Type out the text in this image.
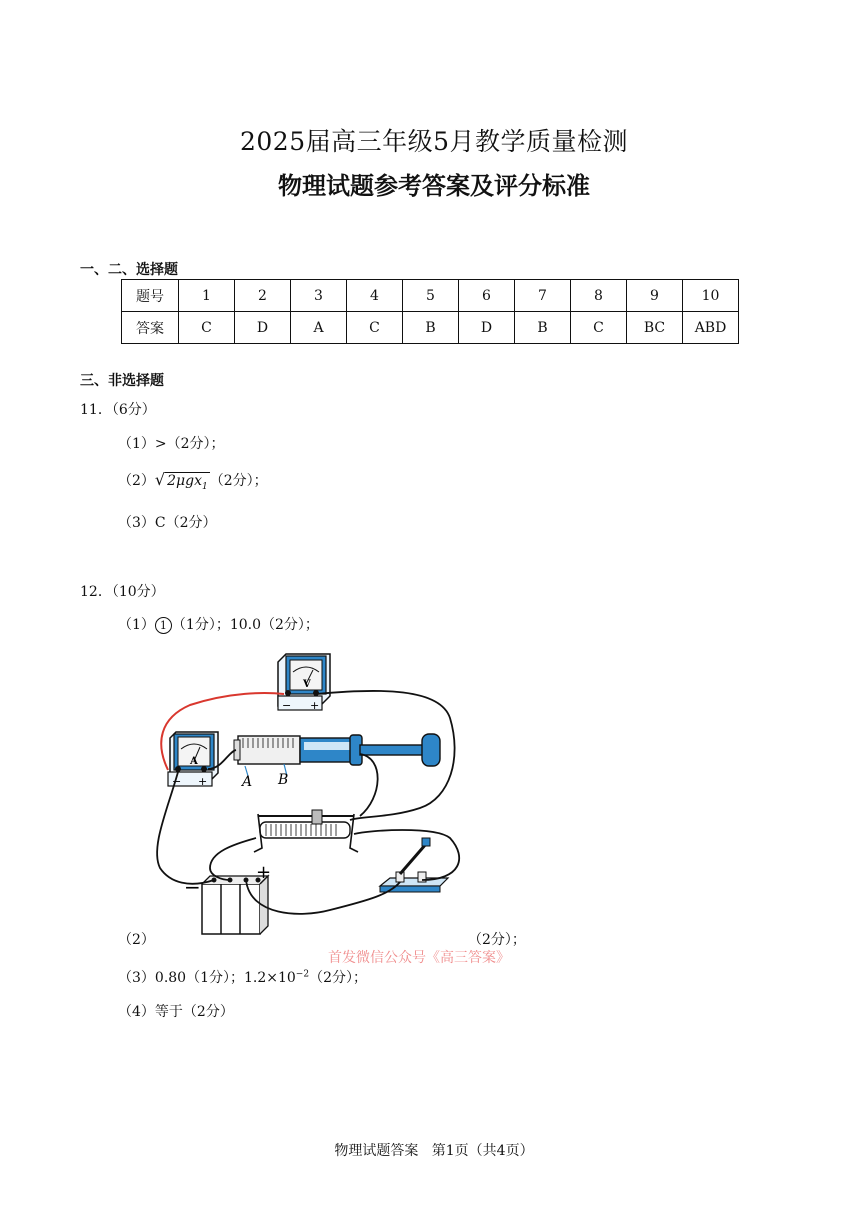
2025届高三年级5月教学质量检测
物理试题参考答案及评分标准
一、二、选择题
题号	1	2	3	4	5	6	7	8	9	10
答案	C	D	A	C	B	D	B	C	BC	ABD
三、非选择题
11．（6分）
（1）>（2分）；
（2）√ 2μgx$_1$ （2分）；
（3）C（2分）
12．（10分）
（1） 1 （1分）；10.0（2分）；
V
− +
A
− + A B
−
+
（2）	（2分）；
首发微信公众号《高三答案》
（3）0.80（1分）；$1.2\times 10^{-2}(2$分）；
（4）等于（2分）
物理试题答案   第1页（共4页）
